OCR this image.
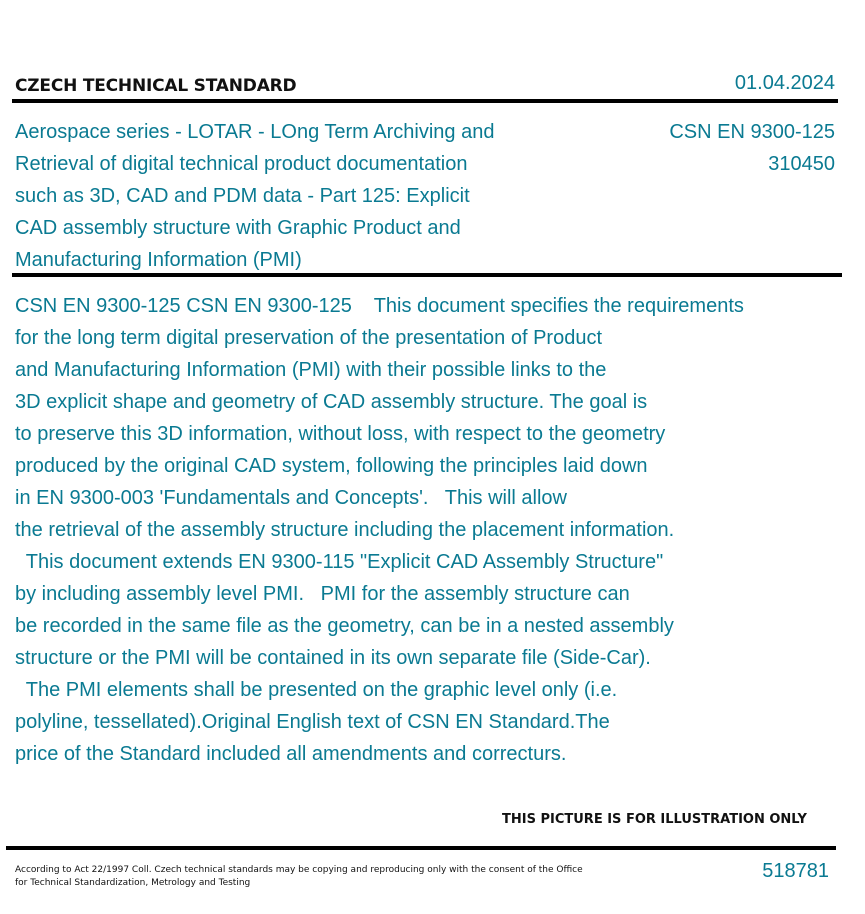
CZECH TECHNICAL STANDARD	01.04.2024
Aerospace series - LOTAR - LOng Term Archiving and
Retrieval of digital technical product documentation
such as 3D, CAD and PDM data - Part 125: Explicit
CAD assembly structure with Graphic Product and
Manufacturing Information (PMI)
CSN EN 9300-125
310450
CSN EN 9300-125 CSN EN 9300-125    This document specifies the requirements
for the long term digital preservation of the presentation of Product
and Manufacturing Information (PMI) with their possible links to the
3D explicit shape and geometry of CAD assembly structure. The goal is
to preserve this 3D information, without loss, with respect to the geometry
produced by the original CAD system, following the principles laid down
in EN 9300-003 'Fundamentals and Concepts'.   This will allow
the retrieval of the assembly structure including the placement information.
This document extends EN 9300-115 "Explicit CAD Assembly Structure"
by including assembly level PMI.   PMI for the assembly structure can
be recorded in the same file as the geometry, can be in a nested assembly
structure or the PMI will be contained in its own separate file (Side-Car).
The PMI elements shall be presented on the graphic level only (i.e.
polyline, tessellated).Original English text of CSN EN Standard.The
price of the Standard included all amendments and correcturs.
THIS PICTURE IS FOR ILLUSTRATION ONLY
According to Act 22/1997 Coll. Czech technical standards may be copying and reproducing only with the consent of the Office
for Technical Standardization, Metrology and Testing
518781
